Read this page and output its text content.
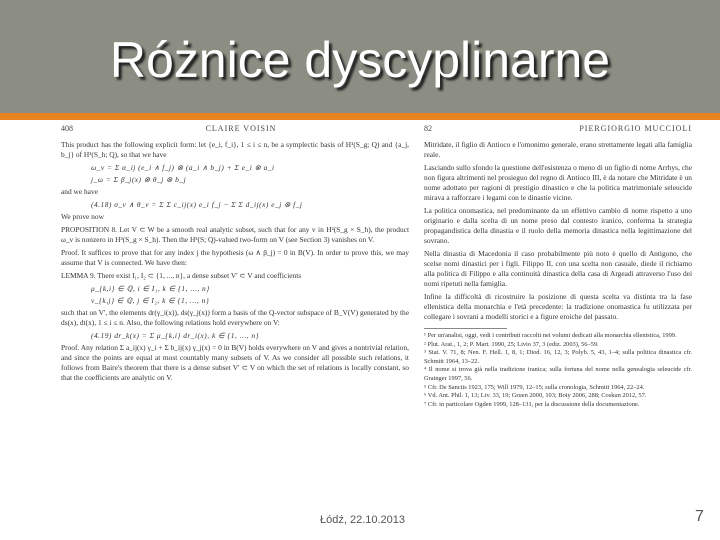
Różnice dyscyplinarne
408	CLAIRE VOISIN

This product has the following explicit form: let {e_i, f_i}, 1 ≤ i ≤ n, be a symplectic basis of H¹(S_g; Q) and {a_j, b_j} of H¹(S_h; Q), so that we have

ω_v = Σ α_ij (e_i ∧ f_j) ⊗ (a_i ∧ b_j) + Σ e_i ⊗ a_i
j_ω = Σ β_j(x) ⊗ θ_j ⊗ b_j

and we have

(4.18) σ_v ∧ θ_v = Σ Σ c_ij(x) e_i f_j − Σ Σ d_ij(x) e_j ⊗ f_j

We prove now

PROPOSITION 8. Let V ⊂ W be a smooth real analytic subset, such that for any v in H²(S_g × S_h), the product ω_v is nonzero in H³(S_g × S_h). Then the H³(S; Q)-valued two-form on V (see Section 3) vanishes on V.

Proof. It suffices to prove that for any index j the hypothesis (ω ∧ β_j) = 0 in B(V). In order to prove this, we may assume that V is connected. We have then:

LEMMA 9. There exist I₁, I₂ ⊂ {1, ..., n}, a dense subset V' ⊂ V and coefficients

μ_{k,i} ∈ ℚ, i ∈ I₁, k ∈ {1, ..., n}
ν_{k,j} ∈ ℚ, j ∈ I₂, k ∈ {1, ..., n}

such that on V', the elements dr(γ_i(x)), ds(γ_j(x)) form a basis of the Q-vector subspace of B_V(V) generated by the ds(x), dt(x), 1 ≤ i ≤ n. Also, the following relations hold everywhere on V:

(4.19) dr_k(x) = Σ μ_{k,i} dr_i(x), k ∈ {1, ..., n}

Proof. Any relation Σ a_ij(x) γ_i + Σ b_ij(x) γ_j(x) = 0 in B(V) holds everywhere on V and gives a nontrivial relation, and since the points are equal at most countably many subsets of V. As we consider all possible such relations, it follows from Baire's theorem that there is a dense subset V' ⊂ V on which the set of relations is locally constant, so that the coefficients are analytic on V.

82	PIERGIORGIO MUCCIOLI

Mitridate, il figlio di Antioco e l'omonimo generale, erano strettamente legati alla famiglia reale.

Lasciando sullo sfondo la questione dell'esistenza o meno di un figlio di nome Arrhys, che non figura altrimenti nel prosieguo del regno di Antioco III, è da notare che Mitridate è un nome adottato per ragioni di prestigio dinastico e che la politica matrimoniale seleucide mirava a rafforzare i legami con le dinastie vicine.

La politica onomastica, nel predominante da un effettivo cambio di nome rispetto a uno originario e dalla scelta di un nome preso dal contesto iranico, conferma la strategia propagandistica della dinastia e il ruolo della memoria dinastica nella legittimazione del sovrano.

Nella dinastia di Macedonia il caso probabilmente più noto è quello di Antigono, che scelse nomi dinastici per i figli. Filippo II, con una scelta non casuale, diede il richiamo alla politica di Filippo e alla continuità dinastica della casa di Argeadi attraverso l'uso dei nomi ripetuti nella famiglia.

Infine la difficoltà di ricostruire la posizione di questa scelta va distinta tra la fase ellenistica della monarchia e l'età precedente: la tradizione onomastica fu utilizzata per collegare i sovrani a modelli storici e a figure eroiche del passato.

¹ Per un'analisi, oggi, vedi i contributi raccolti nei volumi dedicati alla monarchia ellenistica, 1999.
² Plut. Arat., 1, 2; P. Mart. 1990, 25; Livio 37, 3 (ediz. 2003), 56–59.
³ Stat. V. 71, 8; Nen. F. Hell. 1, 8, 1; Diod. 16, 12, 3; Polyb. 5, 43, 1–4; sulla politica dinastica cfr. Schmitt 1964, 13–22.
⁴ Il nome si trova già nella tradizione iranica; sulla fortuna del nome nella genealogia seleucide cfr. Grainger 1997, 56.
⁵ Cfr. De Sanctis 1923, 175; Will 1979, 12–15; sulla cronologia, Schmitt 1964, 22–24.
⁶ Vd. Ant. Phil. 1, 13; Liv. 33, 19; Gruen 2000, 103; Boiy 2006, 288; Coskun 2012, 57.
⁷ Cfr. in particolare Ogden 1999, 128–131, per la discussione della documentazione.
Łódź, 22.10.2013	7
